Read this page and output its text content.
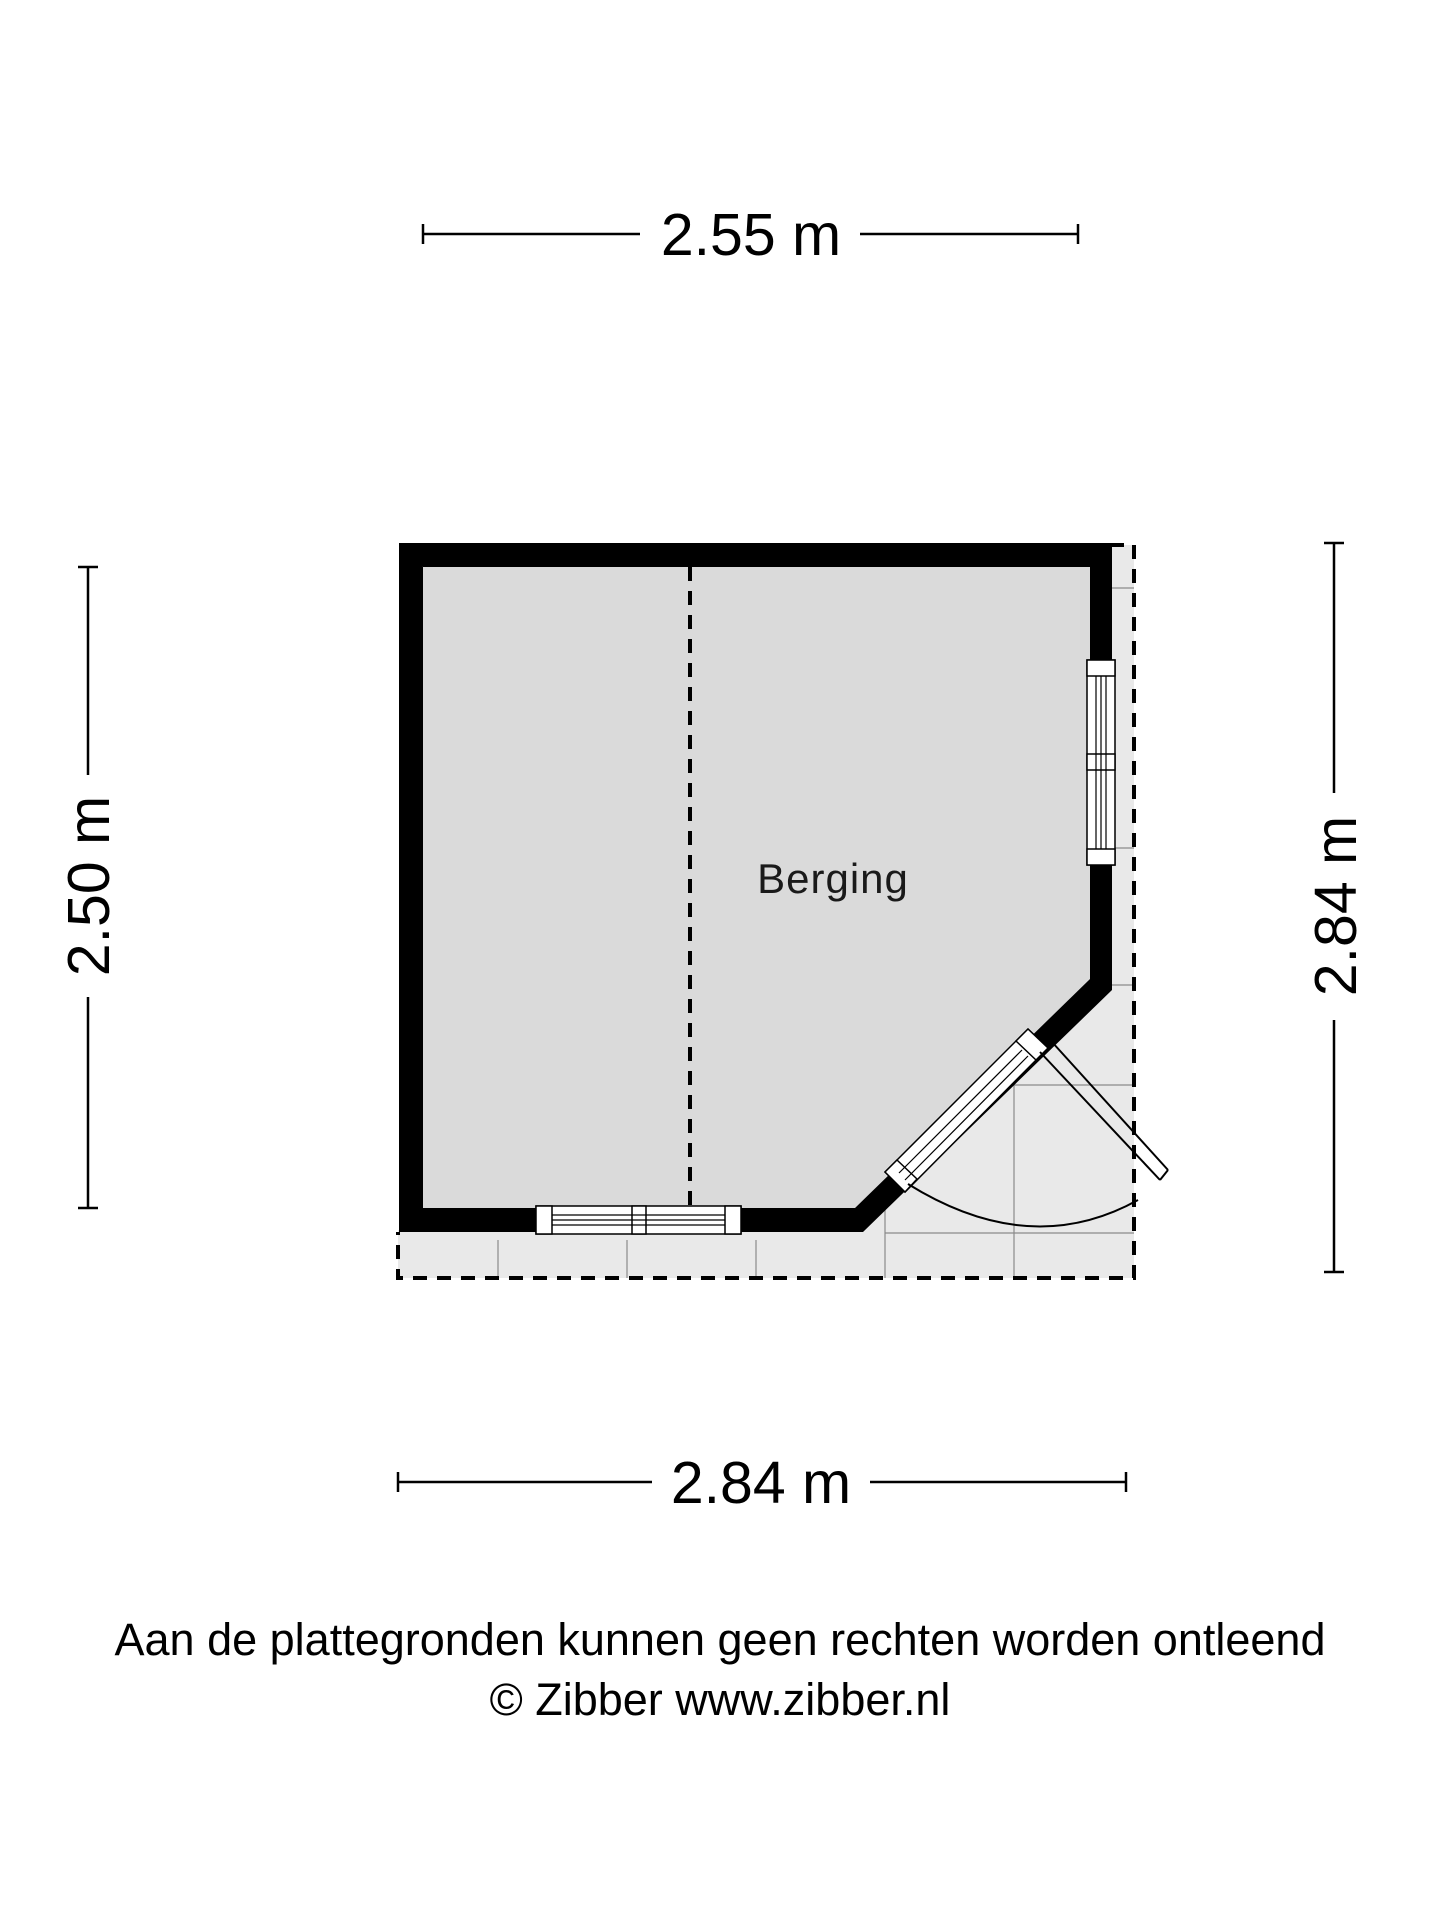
2.55 m
2.84 m
2.50 m	2.84 m
Berging
Aan de plattegronden kunnen geen rechten worden ontleend
© Zibber www.zibber.nl
